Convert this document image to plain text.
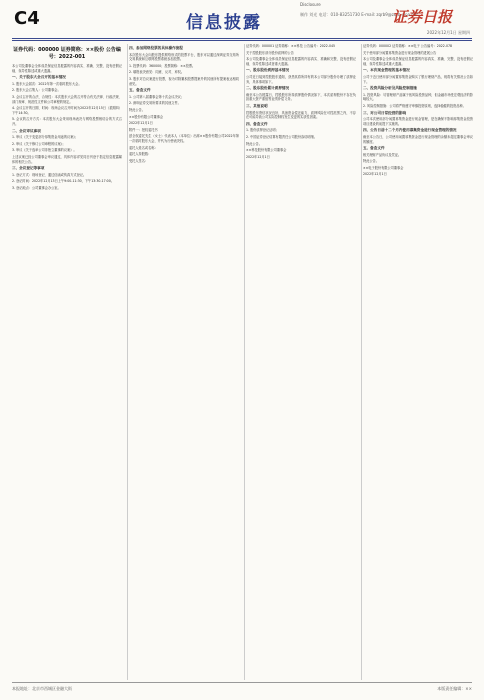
C4	信息披露
Disclosure
制作 刘光 电话：010-83251730 E-mail: zqrb9@zqrb.sina.net
证券日报
2022年12月1日 星期四
证券代码：000000 证券简称：××股份 公告编号：2022-001

本公司及董事会全体成员保证信息披露的内容真实、准确、完整，没有虚假记载、误导性陈述或重大遗漏。

一、关于股东大会召开的基本情况

1. 股东大会届次：2022年第一次临时股东大会。

2. 股东大会召集人：公司董事会。

3. 会议召开的合法、合规性：本次股东大会的召开符合有关法律、行政法规、部门规章、规范性文件和公司章程的规定。

4. 会议召开的日期、时间：现场会议召开时间为2022年12月15日（星期四）下午14:30。

5. 会议的召开方式：本次股东大会采用现场表决与网络投票相结合的方式召开。

二、会议审议事项

1. 审议《关于变更部分募集资金用途的议案》；

2. 审议《关于修订公司章程的议案》；

3. 审议《关于选举公司非独立董事的议案》。

上述议案已经公司董事会审议通过，具体内容详见同日刊登于指定信息披露媒体的相关公告。

三、会议登记等事项

1. 登记方式：现场登记、通过信函或传真方式登记。

2. 登记时间：2022年12月13日上午9:00-11:30，下午13:30-17:00。

3. 登记地点：公司董事会办公室。

四、参加网络投票的具体操作流程

本次股东大会向股东提供网络形式的投票平台，股东可以通过深圳证券交易所交易系统和互联网投票系统参加投票。

1. 投票代码：360000；投票简称：××投票。

2. 填报表决意见：同意、反对、弃权。

3. 股东对总议案进行投票，视为对除累积投票提案外的其他所有提案表达相同意见。

五、备查文件

1. 公司第八届董事会第十次会议决议；

2. 深圳证券交易所要求的其他文件。

特此公告。

××股份有限公司董事会

2022年12月1日

附件一：授权委托书

兹全权委托先生（女士）代表本人（本单位）出席××股份有限公司2022年第一次临时股东大会，并代为行使表决权。

委托人姓名或名称：

委托人持股数：

受托人签名：

证券代码：000001 证券简称：××科技 公告编号：2022-045

关于控股股东部分股份质押的公告

本公司及董事会全体成员保证信息披露的内容真实、准确和完整，没有虚假记载、误导性陈述或者重大遗漏。

一、股东股份质押基本情况

公司近日接到控股股东通知，获悉其将所持有的本公司部分股份办理了质押业务，具体事项如下。

二、股东股份累计质押情况

截至本公告披露日，控股股东所持质押股份情况如下，本次质押股份不存在负担重大资产重组等业绩补偿义务。

三、其他说明

控股股东资信状况良好，具备资金偿还能力，质押风险在可控范围之内，不存在可能导致公司实际控制权发生变更的实质性因素。

四、备查文件

1. 股份质押登记证明；

2. 中国证券登记结算有限责任公司股份冻结明细。

特此公告。

××科技股份有限公司董事会

2022年12月1日

证券代码：000002 证券简称：××电子 公告编号：2022-078

关于使用部分闲置募集资金进行现金管理的进展公告

本公司及董事会全体成员保证信息披露的内容真实、准确、完整，没有虚假记载、误导性陈述或重大遗漏。

一、本次现金管理的基本情况

公司于近日使用部分闲置募集资金购买了银行理财产品，现将有关情况公告如下。

二、投资风险分析及风险控制措施

1. 投资风险：尽管理财产品属于低风险投资品种，但金融市场受宏观经济的影响较大。

2. 风险控制措施：公司将严格遵守审慎投资原则，选择稳健的投资品种。

三、对公司日常经营的影响

公司本次使用部分闲置募集资金进行现金管理，是在确保不影响募集资金投资项目建设的前提下实施的。

四、公告日前十二个月内使用募集资金进行现金管理的情况

截至本公告日，公司使用闲置募集资金进行现金管理的余额未超过董事会审议的额度。

五、备查文件

相关理财产品协议及凭证。

特此公告。

××电子股份有限公司董事会

2022年12月1日

本报地址：北京市西城区金融大街	本版责任编辑：××
